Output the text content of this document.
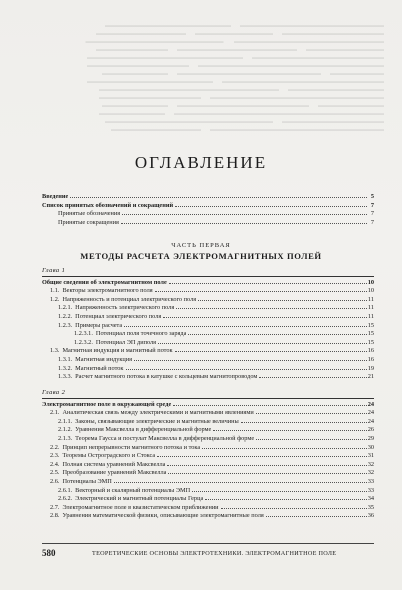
▬▬▬▬▬▬▬▬▬▬▬▬▬▬▬▬▬▬▬▬▬▬▬▬      ▬▬▬▬▬▬▬▬▬▬▬▬▬▬▬▬▬▬▬▬▬
▬▬▬▬▬▬▬▬▬▬▬▬▬▬▬▬▬      ▬▬▬▬▬▬▬▬▬▬▬▬▬      ▬▬▬▬▬▬▬▬▬▬▬▬▬▬▬
▬▬▬▬▬▬▬▬▬▬▬▬▬▬▬▬▬▬▬▬▬▬▬▬▬       ▬▬▬▬▬▬▬▬▬▬▬▬▬▬▬▬▬▬▬▬▬▬▬
▬▬▬▬▬▬▬▬▬▬▬▬▬      ▬▬▬▬▬▬▬▬▬▬▬▬▬▬▬▬▬▬▬▬      ▬▬▬▬▬▬▬▬▬▬▬▬
▬▬▬▬▬▬▬▬▬▬▬▬▬▬▬▬▬▬▬▬▬▬      ▬▬▬▬▬▬▬▬▬▬▬▬▬▬▬▬▬▬▬▬▬▬▬▬▬▬
▬▬▬▬▬▬▬▬▬▬▬▬▬▬▬▬▬▬▬▬▬▬▬▬▬▬▬▬▬▬▬      ▬▬▬▬▬▬▬▬▬▬▬▬▬▬▬▬▬
▬▬▬▬▬▬▬▬▬      ▬▬▬▬▬▬▬▬▬▬▬▬▬▬▬▬▬▬▬▬▬▬▬▬      ▬▬▬▬▬▬▬▬▬▬▬
▬▬▬▬▬▬▬▬▬▬▬▬▬▬▬▬▬▬▬▬▬▬▬▬▬▬▬      ▬▬▬▬▬▬▬▬▬▬▬▬▬▬▬▬▬▬▬▬▬
▬▬▬▬▬▬▬▬▬▬▬▬▬▬▬▬      ▬▬▬▬▬▬▬▬▬▬▬▬▬▬▬▬▬▬▬▬▬▬▬▬▬▬▬▬▬▬
▬▬▬▬▬▬▬▬▬▬▬▬▬▬▬▬▬▬▬▬▬▬▬▬▬▬▬▬▬      ▬▬▬▬▬▬▬▬▬▬▬▬▬▬▬▬▬
▬▬▬▬▬▬▬▬▬▬▬      ▬▬▬▬▬▬▬▬▬▬▬▬▬▬▬▬▬▬▬▬▬▬      ▬▬▬▬▬▬▬▬▬▬▬
▬▬▬▬▬▬▬▬▬▬▬▬▬▬▬▬▬▬▬▬▬▬▬▬▬▬▬▬▬▬▬▬▬▬▬      ▬▬▬▬▬▬▬▬▬▬▬
▬▬▬▬▬▬▬▬▬▬▬▬▬▬▬▬▬      ▬▬▬▬▬▬▬▬▬▬▬▬▬▬▬▬▬▬▬▬▬▬▬▬▬▬▬▬
▬▬▬▬▬▬▬▬▬▬▬▬▬▬▬▬▬▬▬▬▬▬▬▬▬▬▬▬▬      ▬▬▬▬▬▬▬▬▬▬▬▬▬▬▬
ОГЛАВЛЕНИЕ
Введение	5
Список принятых обозначений и сокращений	7
Принятые обозначения	7
Принятые сокращения	7
ЧАСТЬ ПЕРВАЯ
МЕТОДЫ РАСЧЕТА ЭЛЕКТРОМАГНИТНЫХ ПОЛЕЙ
Глава 1
Общие сведения об электромагнитном поле	10
1.1. Векторы электромагнитного поля	10
1.2. Напряженность и потенциал электрического поля	11
1.2.1. Напряженность электрического поля	11
1.2.2. Потенциал электрического поля	11
1.2.3. Примеры расчета	15
1.2.3.1. Потенциал поля точечного заряда	15
1.2.3.2. Потенциал ЭП диполя	15
1.3. Магнитная индукция и магнитный поток	16
1.3.1. Магнитная индукция	16
1.3.2. Магнитный поток	19
1.3.3. Расчет магнитного потока в катушке с кольцевым магнитопроводом	21
Глава 2
Электромагнитное поле в окружающей среде	24
2.1. Аналитическая связь между электрическими и магнитными явлениями	24
2.1.1. Законы, связывающие электрические и магнитные величины	24
2.1.2. Уравнения Максвелла в дифференциальной форме	26
2.1.3. Теорема Гаусса и постулат Максвелла в дифференциальной форме	29
2.2. Принцип непрерывности магнитного потока и тока	30
2.3. Теоремы Остроградского и Стокса	31
2.4. Полная система уравнений Максвелла	32
2.5. Преобразование уравнений Максвелла	32
2.6. Потенциалы ЭМП	33
2.6.1. Векторный и скалярный потенциалы ЭМП	33
2.6.2. Электрический и магнитный потенциалы Герца	34
2.7. Электромагнитное поле в квазистатическом приближении	35
2.8. Уравнения математической физики, описывающие электромагнитные поля	36
580	ТЕОРЕТИЧЕСКИЕ ОСНОВЫ ЭЛЕКТРОТЕХНИКИ. ЭЛЕКТРОМАГНИТНОЕ ПОЛЕ
